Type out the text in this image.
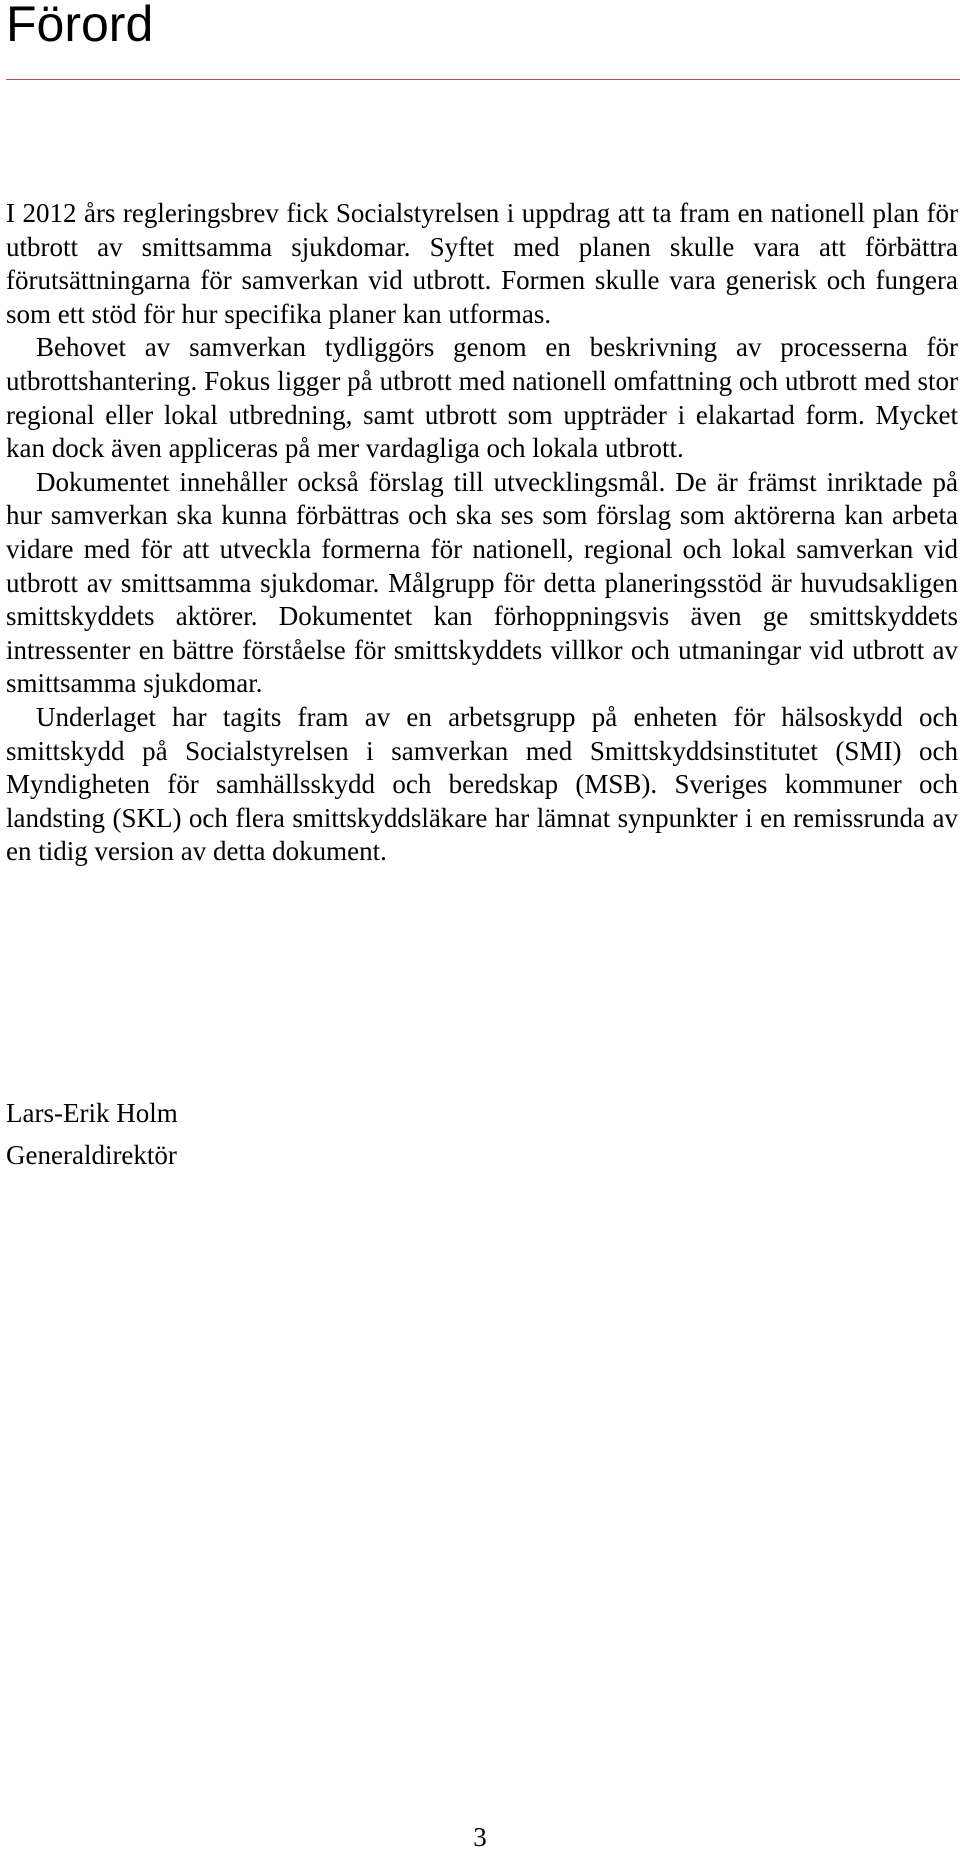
Förord

I 2012 års regleringsbrev fick Socialstyrelsen i uppdrag att ta fram en nationell plan för utbrott av smittsamma sjukdomar. Syftet med planen skulle vara att förbättra förutsättningarna för samverkan vid utbrott. Formen skulle vara generisk och fungera som ett stöd för hur specifika planer kan utformas.

Behovet av samverkan tydliggörs genom en beskrivning av processerna för utbrottshantering. Fokus ligger på utbrott med nationell omfattning och utbrott med stor regional eller lokal utbredning, samt utbrott som uppträder i elakartad form. Mycket kan dock även appliceras på mer vardagliga och lokala utbrott.

Dokumentet innehåller också förslag till utvecklingsmål. De är främst inriktade på hur samverkan ska kunna förbättras och ska ses som förslag som aktörerna kan arbeta vidare med för att utveckla formerna för nationell, regional och lokal samverkan vid utbrott av smittsamma sjukdomar. Målgrupp för detta planeringsstöd är huvudsakligen smittskyddets aktörer. Dokumentet kan förhoppningsvis även ge smittskyddets intressenter en bättre förståelse för smittskyddets villkor och utmaningar vid utbrott av smittsamma sjukdomar.

Underlaget har tagits fram av en arbetsgrupp på enheten för hälsoskydd och smittskydd på Socialstyrelsen i samverkan med Smittskyddsinstitutet (SMI) och Myndigheten för samhällsskydd och beredskap (MSB). Sveriges kommuner och landsting (SKL) och flera smittskyddsläkare har lämnat synpunkter i en remissrunda av en tidig version av detta dokument.

Lars-Erik Holm
Generaldirektör
3
